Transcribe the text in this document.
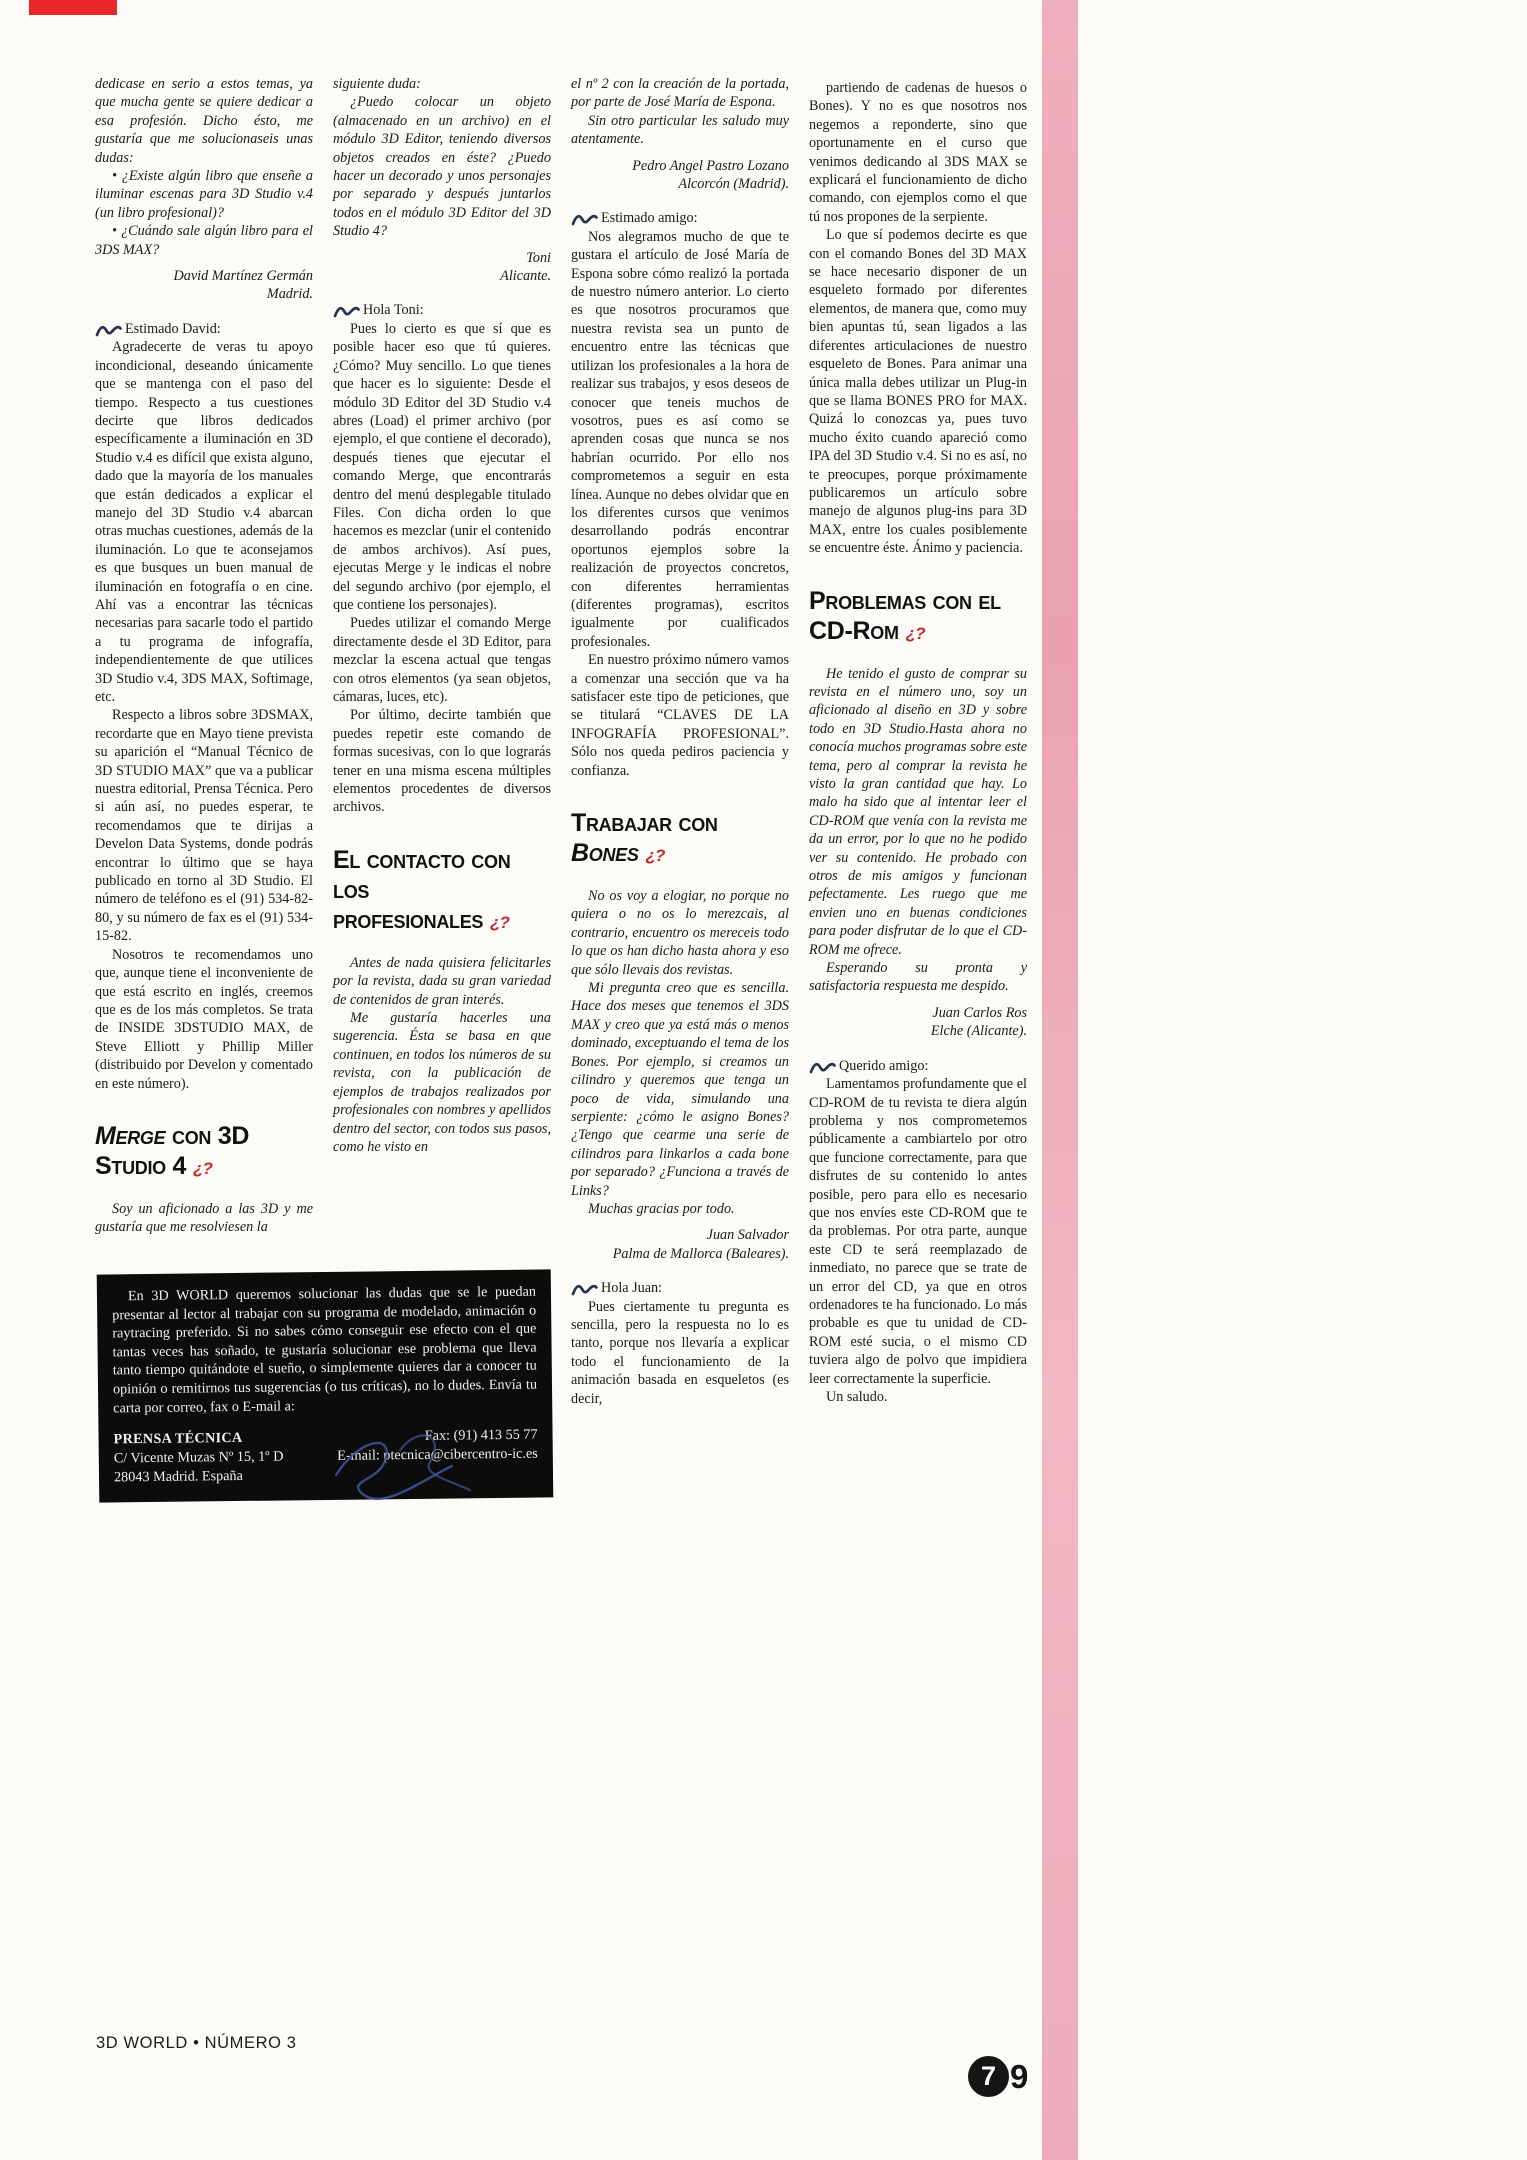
dedicase en serio a estos temas, ya que mucha gente se quiere dedicar a esa profesión. Dicho ésto, me gustaría que me solucionaseis unas dudas:

• ¿Existe algún libro que enseñe a iluminar escenas para 3D Studio v.4 (un libro profesional)?

• ¿Cuándo sale algún libro para el 3DS MAX?

David Martínez Germán
Madrid.
Estimado David:

Agradecerte de veras tu apoyo incondicional, deseando únicamente que se mantenga con el paso del tiempo. Respecto a tus cuestiones decirte que libros dedicados específicamente a iluminación en 3D Studio v.4 es difícil que exista alguno, dado que la mayoría de los manuales que están dedicados a explicar el manejo del 3D Studio v.4 abarcan otras muchas cuestiones, además de la iluminación. Lo que te aconsejamos es que busques un buen manual de iluminación en fotografía o en cine. Ahí vas a encontrar las técnicas necesarias para sacarle todo el partido a tu programa de infografía, independientemente de que utilices 3D Studio v.4, 3DS MAX, Softimage, etc.

Respecto a libros sobre 3DSMAX, recordarte que en Mayo tiene prevista su aparición el “Manual Técnico de 3D STUDIO MAX” que va a publicar nuestra editorial, Prensa Técnica. Pero si aún así, no puedes esperar, te recomendamos que te dirijas a Develon Data Systems, donde podrás encontrar lo último que se haya publicado en torno al 3D Studio. El número de teléfono es el (91) 534-82-80, y su número de fax es el (91) 534-15-82.

Nosotros te recomendamos uno que, aunque tiene el inconveniente de que está escrito en inglés, creemos que es de los más completos. Se trata de INSIDE 3DSTUDIO MAX, de Steve Elliott y Phillip Miller (distribuido por Develon y comentado en este número).

Merge con 3D Studio 4 ¿?

Soy un aficionado a las 3D y me gustaría que me resolviesen la

siguiente duda:

¿Puedo colocar un objeto (almacenado en un archivo) en el módulo 3D Editor, teniendo diversos objetos creados en éste? ¿Puedo hacer un decorado y unos personajes por separado y después juntarlos todos en el módulo 3D Editor del 3D Studio 4?

Toni
Alicante.
Hola Toni:

Pues lo cierto es que sí que es posible hacer eso que tú quieres. ¿Cómo? Muy sencillo. Lo que tienes que hacer es lo siguiente: Desde el módulo 3D Editor del 3D Studio v.4 abres (Load) el primer archivo (por ejemplo, el que contiene el decorado), después tienes que ejecutar el comando Merge, que encontrarás dentro del menú desplegable titulado Files. Con dicha orden lo que hacemos es mezclar (unir el contenido de ambos archivos). Así pues, ejecutas Merge y le indicas el nobre del segundo archivo (por ejemplo, el que contiene los personajes).

Puedes utilizar el comando Merge directamente desde el 3D Editor, para mezclar la escena actual que tengas con otros elementos (ya sean objetos, cámaras, luces, etc).

Por último, decirte también que puedes repetir este comando de formas sucesivas, con lo que lograrás tener en una misma escena múltiples elementos procedentes de diversos archivos.

El contacto con los profesionales ¿?

Antes de nada quisiera felicitarles por la revista, dada su gran variedad de contenidos de gran interés.

Me gustaría hacerles una sugerencia. Ésta se basa en que continuen, en todos los números de su revista, con la publicación de ejemplos de trabajos realizados por profesionales con nombres y apellidos dentro del sector, con todos sus pasos, como he visto en

el nº 2 con la creación de la portada, por parte de José María de Espona.

Sin otro particular les saludo muy atentamente.

Pedro Angel Pastro Lozano
Alcorcón (Madrid).
Estimado amigo:

Nos alegramos mucho de que te gustara el artículo de José María de Espona sobre cómo realizó la portada de nuestro número anterior. Lo cierto es que nosotros procuramos que nuestra revista sea un punto de encuentro entre las técnicas que utilizan los profesionales a la hora de realizar sus trabajos, y esos deseos de conocer que teneis muchos de vosotros, pues es así como se aprenden cosas que nunca se nos habrían ocurrido. Por ello nos comprometemos a seguir en esta línea. Aunque no debes olvidar que en los diferentes cursos que venimos desarrollando podrás encontrar oportunos ejemplos sobre la realización de proyectos concretos, con diferentes herramientas (diferentes programas), escritos igualmente por cualificados profesionales.

En nuestro próximo número vamos a comenzar una sección que va ha satisfacer este tipo de peticiones, que se titulará “CLAVES DE LA INFOGRAFÍA PROFESIONAL”. Sólo nos queda pediros paciencia y confianza.

Trabajar con Bones ¿?

No os voy a elogiar, no porque no quiera o no os lo merezcais, al contrario, encuentro os mereceis todo lo que os han dicho hasta ahora y eso que sólo llevais dos revistas.

Mi pregunta creo que es sencilla. Hace dos meses que tenemos el 3DS MAX y creo que ya está más o menos dominado, exceptuando el tema de los Bones. Por ejemplo, si creamos un cilindro y queremos que tenga un poco de vida, simulando una serpiente: ¿cómo le asigno Bones? ¿Tengo que cearme una serie de cilindros para linkarlos a cada bone por separado? ¿Funciona a través de Links?

Muchas gracias por todo.

Juan Salvador
Palma de Mallorca (Baleares).
Hola Juan:

Pues ciertamente tu pregunta es sencilla, pero la respuesta no lo es tanto, porque nos llevaría a explicar todo el funcionamiento de la animación basada en esqueletos (es decir,

partiendo de cadenas de huesos o Bones). Y no es que nosotros nos negemos a reponderte, sino que oportunamente en el curso que venimos dedicando al 3DS MAX se explicará el funcionamiento de dicho comando, con ejemplos como el que tú nos propones de la serpiente.

Lo que sí podemos decirte es que con el comando Bones del 3D MAX se hace necesario disponer de un esqueleto formado por diferentes elementos, de manera que, como muy bien apuntas tú, sean ligados a las diferentes articulaciones de nuestro esqueleto de Bones. Para animar una única malla debes utilizar un Plug-in que se llama BONES PRO for MAX. Quizá lo conozcas ya, pues tuvo mucho éxito cuando apareció como IPA del 3D Studio v.4. Si no es así, no te preocupes, porque próximamente publicaremos un artículo sobre manejo de algunos plug-ins para 3D MAX, entre los cuales posiblemente se encuentre éste. Ánimo y paciencia.

Problemas con el CD-Rom ¿?

He tenido el gusto de comprar su revista en el número uno, soy un aficionado al diseño en 3D y sobre todo en 3D Studio.Hasta ahora no conocía muchos programas sobre este tema, pero al comprar la revista he visto la gran cantidad que hay. Lo malo ha sido que al intentar leer el CD-ROM que venía con la revista me da un error, por lo que no he podido ver su contenido. He probado con otros de mis amigos y funcionan pefectamente. Les ruego que me envien uno en buenas condiciones para poder disfrutar de lo que el CD-ROM me ofrece.

Esperando su pronta y satisfactoria respuesta me despido.

Juan Carlos Ros
Elche (Alicante).
Querido amigo:

Lamentamos profundamente que el CD-ROM de tu revista te diera algún problema y nos comprometemos públicamente a cambiartelo por otro que funcione correctamente, para que disfrutes de su contenido lo antes posible, pero para ello es necesario que nos envíes este CD-ROM que te da problemas. Por otra parte, aunque este CD te será reemplazado de inmediato, no parece que se trate de un error del CD, ya que en otros ordenadores te ha funcionado. Lo más probable es que tu unidad de CD-ROM esté sucia, o el mismo CD tuviera algo de polvo que impidiera leer correctamente la superficie.

Un saludo.

En 3D WORLD queremos solucionar las dudas que se le puedan presentar al lector al trabajar con su programa de modelado, animación o raytracing preferido. Si no sabes cómo conseguir ese efecto con el que tantas veces has soñado, te gustaría solucionar ese problema que lleva tanto tiempo quitándote el sueño, o simplemente quieres dar a conocer tu opinión o remitirnos tus sugerencias (o tus críticas), no lo dudes. Envía tu carta por correo, fax o E-mail a:

PRENSA TÉCNICA	Fax: (91) 413 55 77
C/ Vicente Muzas Nº 15, 1º D	E-mail: ptecnica@cibercentro-ic.es
28043 Madrid. España
3D WORLD • NÚMERO 3
7 9
